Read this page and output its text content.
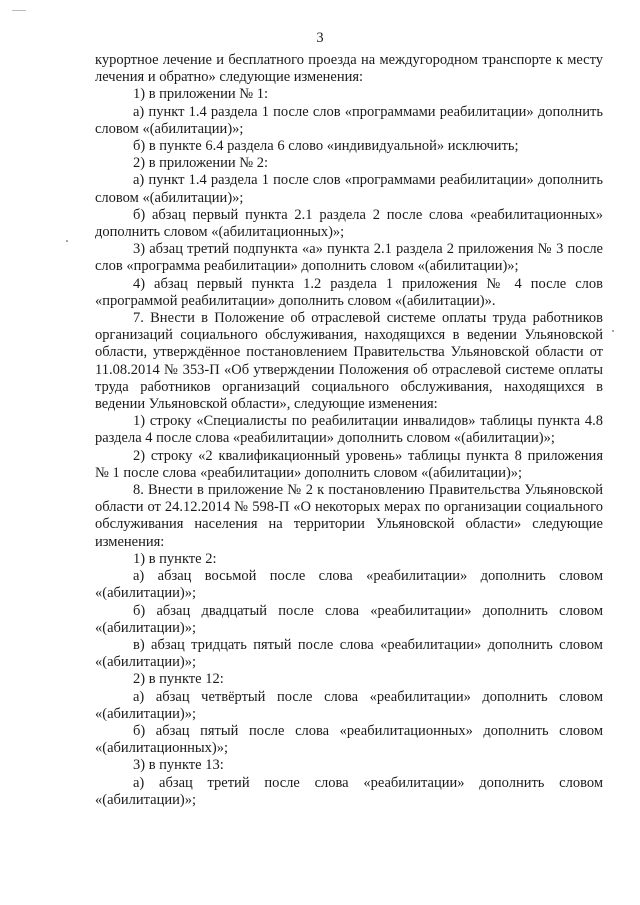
3

курортное лечение и бесплатного проезда на междугородном транспорте к месту лечения и обратно» следующие изменения:

1) в приложении № 1:

а) пункт 1.4 раздела 1 после слов «программами реабилитации» дополнить словом «(абилитации)»;

б) в пункте 6.4 раздела 6 слово «индивидуальной» исключить;

2) в приложении № 2:

а) пункт 1.4 раздела 1 после слов «программами реабилитации» дополнить словом «(абилитации)»;

б) абзац первый пункта 2.1 раздела 2 после слова «реабилитационных» дополнить словом «(абилитационных)»;

3) абзац третий подпункта «а» пункта 2.1 раздела 2 приложения № 3 после слов «программа реабилитации» дополнить словом «(абилитации)»;

4) абзац первый пункта 1.2 раздела 1 приложения № 4 после слов «программой реабилитации» дополнить словом «(абилитации)».

7. Внести в Положение об отраслевой системе оплаты труда работников организаций социального обслуживания, находящихся в ведении Ульяновской области, утверждённое постановлением Правительства Ульяновской области от 11.08.2014 № 353-П «Об утверждении Положения об отраслевой системе оплаты труда работников организаций социального обслуживания, находящихся в ведении Ульяновской области», следующие изменения:

1) строку «Специалисты по реабилитации инвалидов» таблицы пункта 4.8 раздела 4 после слова «реабилитации» дополнить словом «(абилитации)»;

2) строку «2 квалификационный уровень» таблицы пункта 8 приложения № 1 после слова «реабилитации» дополнить словом «(абилитации)»;

8. Внести в приложение № 2 к постановлению Правительства Ульяновской области от 24.12.2014 № 598-П «О некоторых мерах по организации социального обслуживания населения на территории Ульяновской области» следующие изменения:

1) в пункте 2:

а) абзац восьмой после слова «реабилитации» дополнить словом «(абилитации)»;

б) абзац двадцатый после слова «реабилитации» дополнить словом «(абилитации)»;

в) абзац тридцать пятый после слова «реабилитации» дополнить словом «(абилитации)»;

2) в пункте 12:

а) абзац четвёртый после слова «реабилитации» дополнить словом «(абилитации)»;

б) абзац пятый после слова «реабилитационных» дополнить словом «(абилитационных)»;

3) в пункте 13:

а) абзац третий после слова «реабилитации» дополнить словом «(абилитации)»;
